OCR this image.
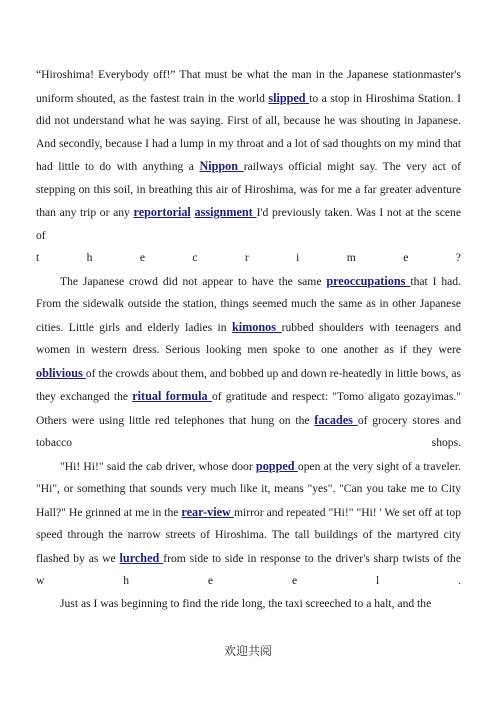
“Hiroshima! Everybody off!” That must be what the man in the Japanese stationmaster's uniform shouted, as the fastest train in the world slipped to a stop in Hiroshima Station. I did not understand what he was saying. First of all, because he was shouting in Japanese. And secondly, because I had a lump in my throat and a lot of sad thoughts on my mind that had little to do with anything a Nippon railways official might say. The very act of stepping on this soil, in breathing this air of Hiroshima, was for me a far greater adventure than any trip or any reportorial assignment I'd previously taken. Was I not at the scene of

t	h	e	c	r	i	m	e	?

The Japanese crowd did not appear to have the same preoccupations that I had. From the sidewalk outside the station, things seemed much the same as in other Japanese cities. Little girls and elderly ladies in kimonos rubbed shoulders with teenagers and women in western dress. Serious looking men spoke to one another as if they were oblivious of the crowds about them, and bobbed up and down re-heatedly in little bows, as they exchanged the ritual formula of gratitude and respect: "Tomo aligato gozayimas." Others were using little red telephones that hung on the facades of grocery stores and tobacco shops.

"Hi! Hi!" said the cab driver, whose door popped open at the very sight of a traveler. "Hi", or something that sounds very much like it, means "yes". "Can you take me to City Hall?" He grinned at me in the rear-view mirror and repeated "Hi!" "Hi! ' We set off at top speed through the narrow streets of Hiroshima. The tall buildings of the martyred city flashed by as we lurched from side to side in response to the driver's sharp twists of the

w	h	e	e	l	.

Just as I was beginning to find the ride long, the taxi screeched to a halt, and the

欢迎共阅
